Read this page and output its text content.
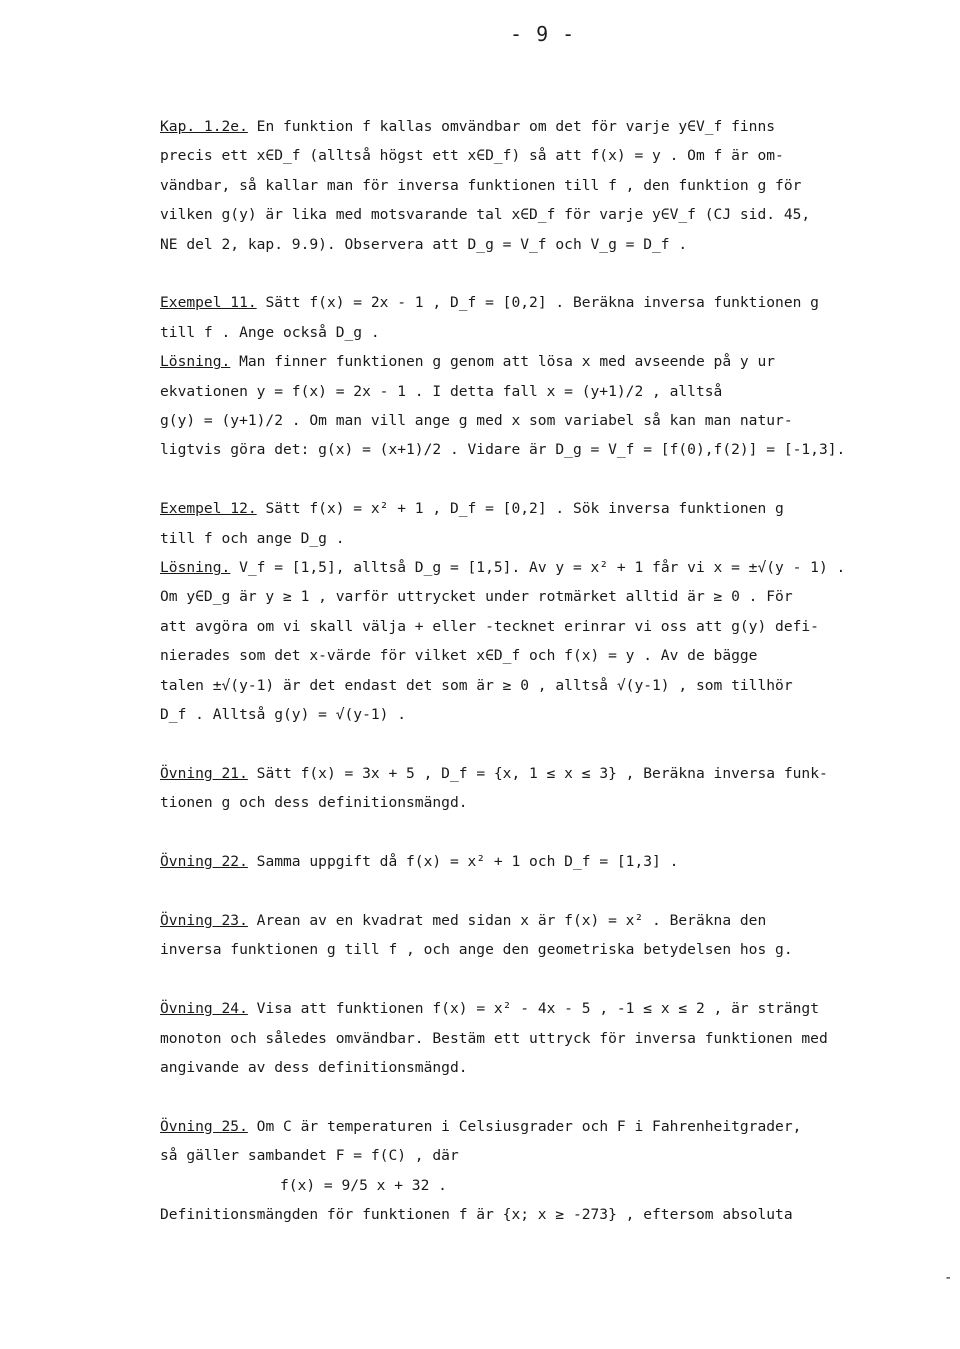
- 9 -
Kap. 1.2e. En funktion f kallas omvändbar om det för varje y∈V_f finns
precis ett x∈D_f (alltså högst ett x∈D_f) så att f(x) = y . Om f är om-
vändbar, så kallar man för inversa funktionen till f , den funktion g för
vilken g(y) är lika med motsvarande tal x∈D_f för varje y∈V_f (CJ sid. 45,
NE del 2, kap. 9.9). Observera att D_g = V_f och V_g = D_f .
Exempel 11. Sätt f(x) = 2x - 1 , D_f = [0,2] . Beräkna inversa funktionen g
till f . Ange också D_g .
Lösning. Man finner funktionen g genom att lösa x med avseende på y ur
ekvationen y = f(x) = 2x - 1 . I detta fall x = (y+1)/2 , alltså
g(y) = (y+1)/2 . Om man vill ange g med x som variabel så kan man natur-
ligtvis göra det: g(x) = (x+1)/2 . Vidare är D_g = V_f = [f(0),f(2)] = [-1,3].
Exempel 12. Sätt f(x) = x² + 1 , D_f = [0,2] . Sök inversa funktionen g
till f och ange D_g .
Lösning. V_f = [1,5], alltså D_g = [1,5]. Av y = x² + 1 får vi x = ±√(y - 1) .
Om y∈D_g är y ≥ 1 , varför uttrycket under rotmärket alltid är ≥ 0 . För
att avgöra om vi skall välja + eller -tecknet erinrar vi oss att g(y) defi-
nierades som det x-värde för vilket x∈D_f och f(x) = y . Av de bägge
talen ±√(y-1) är det endast det som är ≥ 0 , alltså √(y-1) , som tillhör
D_f . Alltså g(y) = √(y-1) .
Övning 21. Sätt f(x) = 3x + 5 , D_f = {x, 1 ≤ x ≤ 3} , Beräkna inversa funk-
tionen g och dess definitionsmängd.
Övning 22. Samma uppgift då f(x) = x² + 1 och D_f = [1,3] .
Övning 23. Arean av en kvadrat med sidan x är f(x) = x² . Beräkna den
inversa funktionen g till f , och ange den geometriska betydelsen hos g.
Övning 24. Visa att funktionen f(x) = x² - 4x - 5 , -1 ≤ x ≤ 2 , är strängt
monoton och således omvändbar. Bestäm ett uttryck för inversa funktionen med
angivande av dess definitionsmängd.
Övning 25. Om C är temperaturen i Celsiusgrader och F i Fahrenheitgrader,
så gäller sambandet F = f(C) , där
f(x) = 9/5 x + 32 .
Definitionsmängden för funktionen f är {x; x ≥ -273} , eftersom absoluta
-
